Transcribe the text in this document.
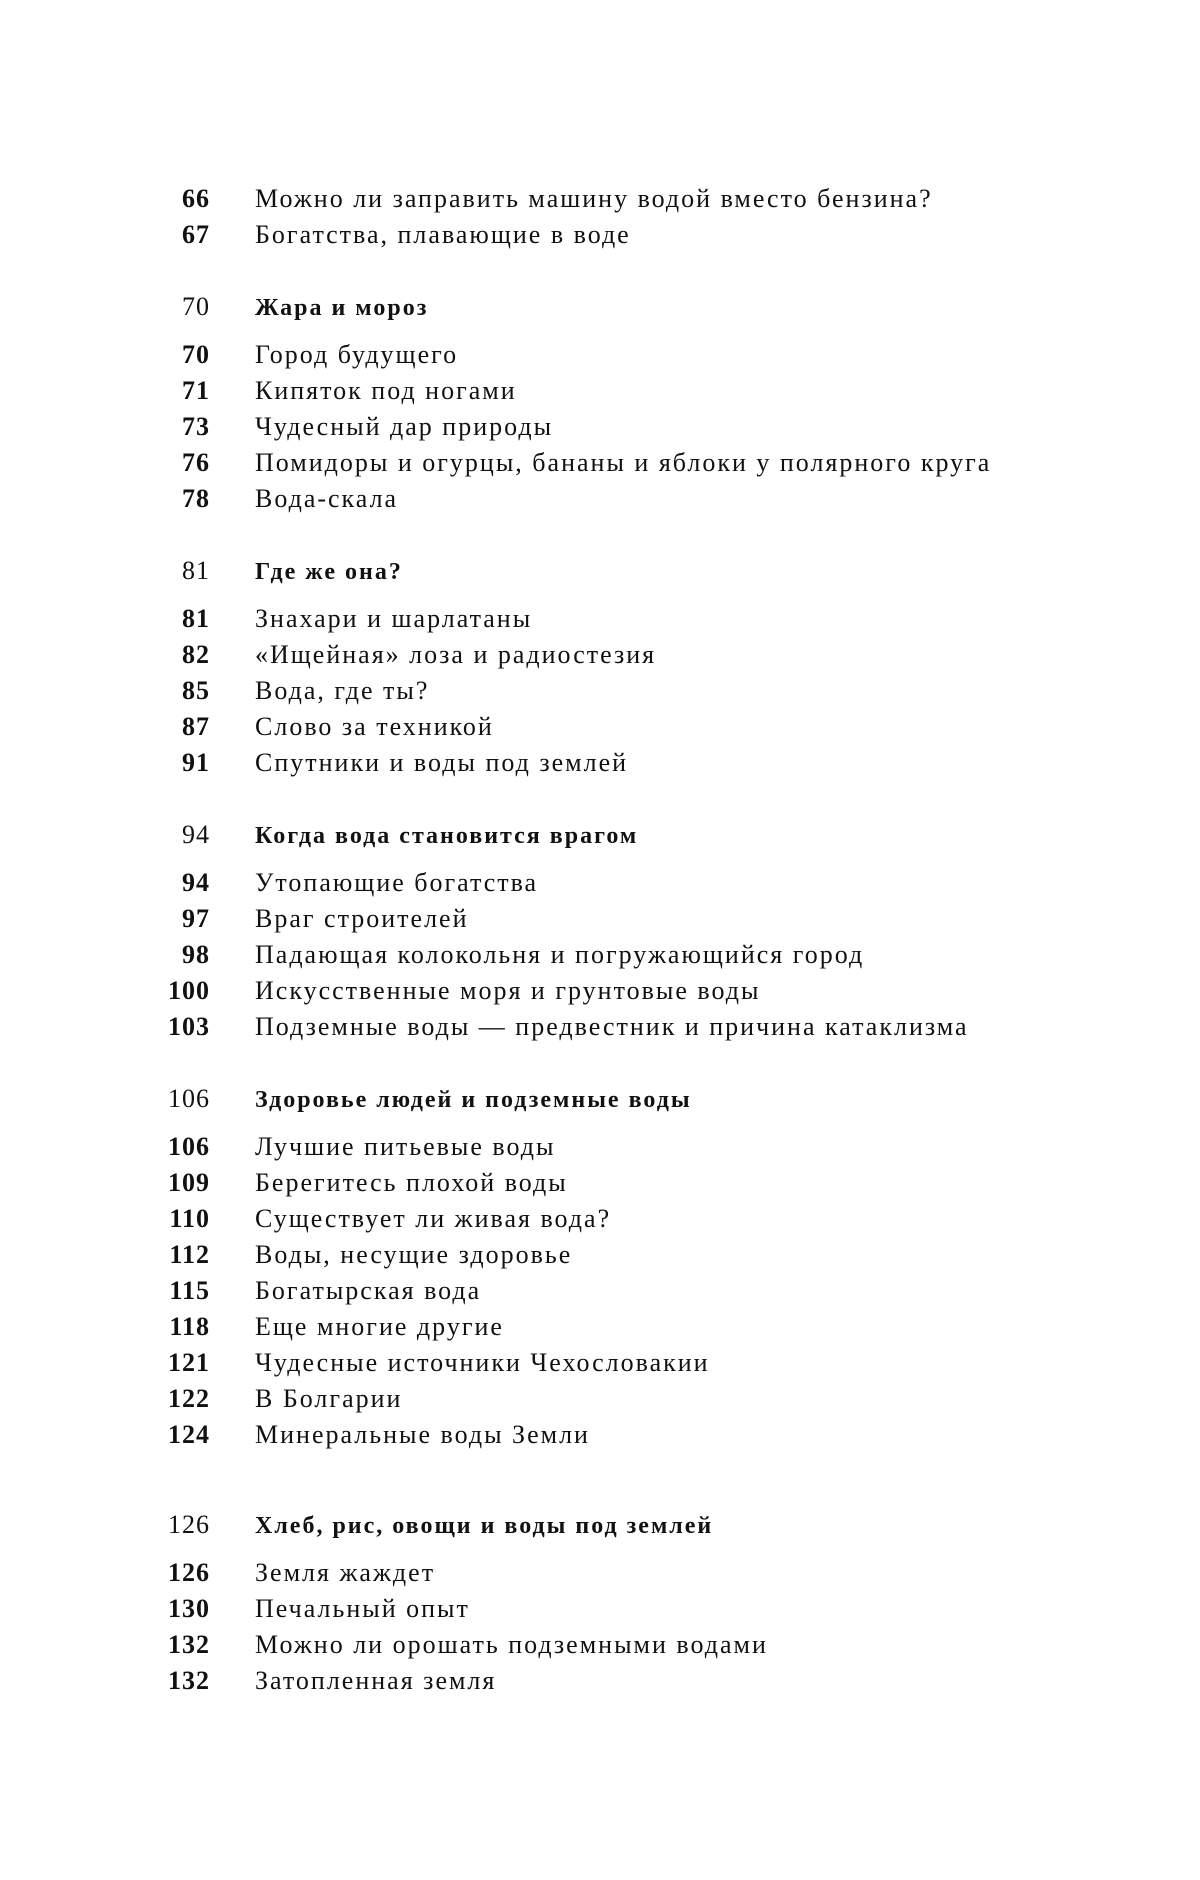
66 Можно ли заправить машину водой вместо бензина?
67 Богатства, плавающие в воде
70 Жара и мороз
70 Город будущего
71 Кипяток под ногами
73 Чудесный дар природы
76 Помидоры и огурцы, бананы и яблоки у полярного круга
78 Вода-скала
81 Где же она?
81 Знахари и шарлатаны
82 «Ищейная» лоза и радиостезия
85 Вода, где ты?
87 Слово за техникой
91 Спутники и воды под землей
94 Когда вода становится врагом
94 Утопающие богатства
97 Враг строителей
98 Падающая колокольня и погружающийся город
100 Искусственные моря и грунтовые воды
103 Подземные воды — предвестник и причина катаклизма
106 Здоровье людей и подземные воды
106 Лучшие питьевые воды
109 Берегитесь плохой воды
110 Существует ли живая вода?
112 Воды, несущие здоровье
115 Богатырская вода
118 Еще многие другие
121 Чудесные источники Чехословакии
122 В Болгарии
124 Минеральные воды Земли
126 Хлеб, рис, овощи и воды под землей
126 Земля жаждет
130 Печальный опыт
132 Можно ли орошать подземными водами
132 Затопленная земля
